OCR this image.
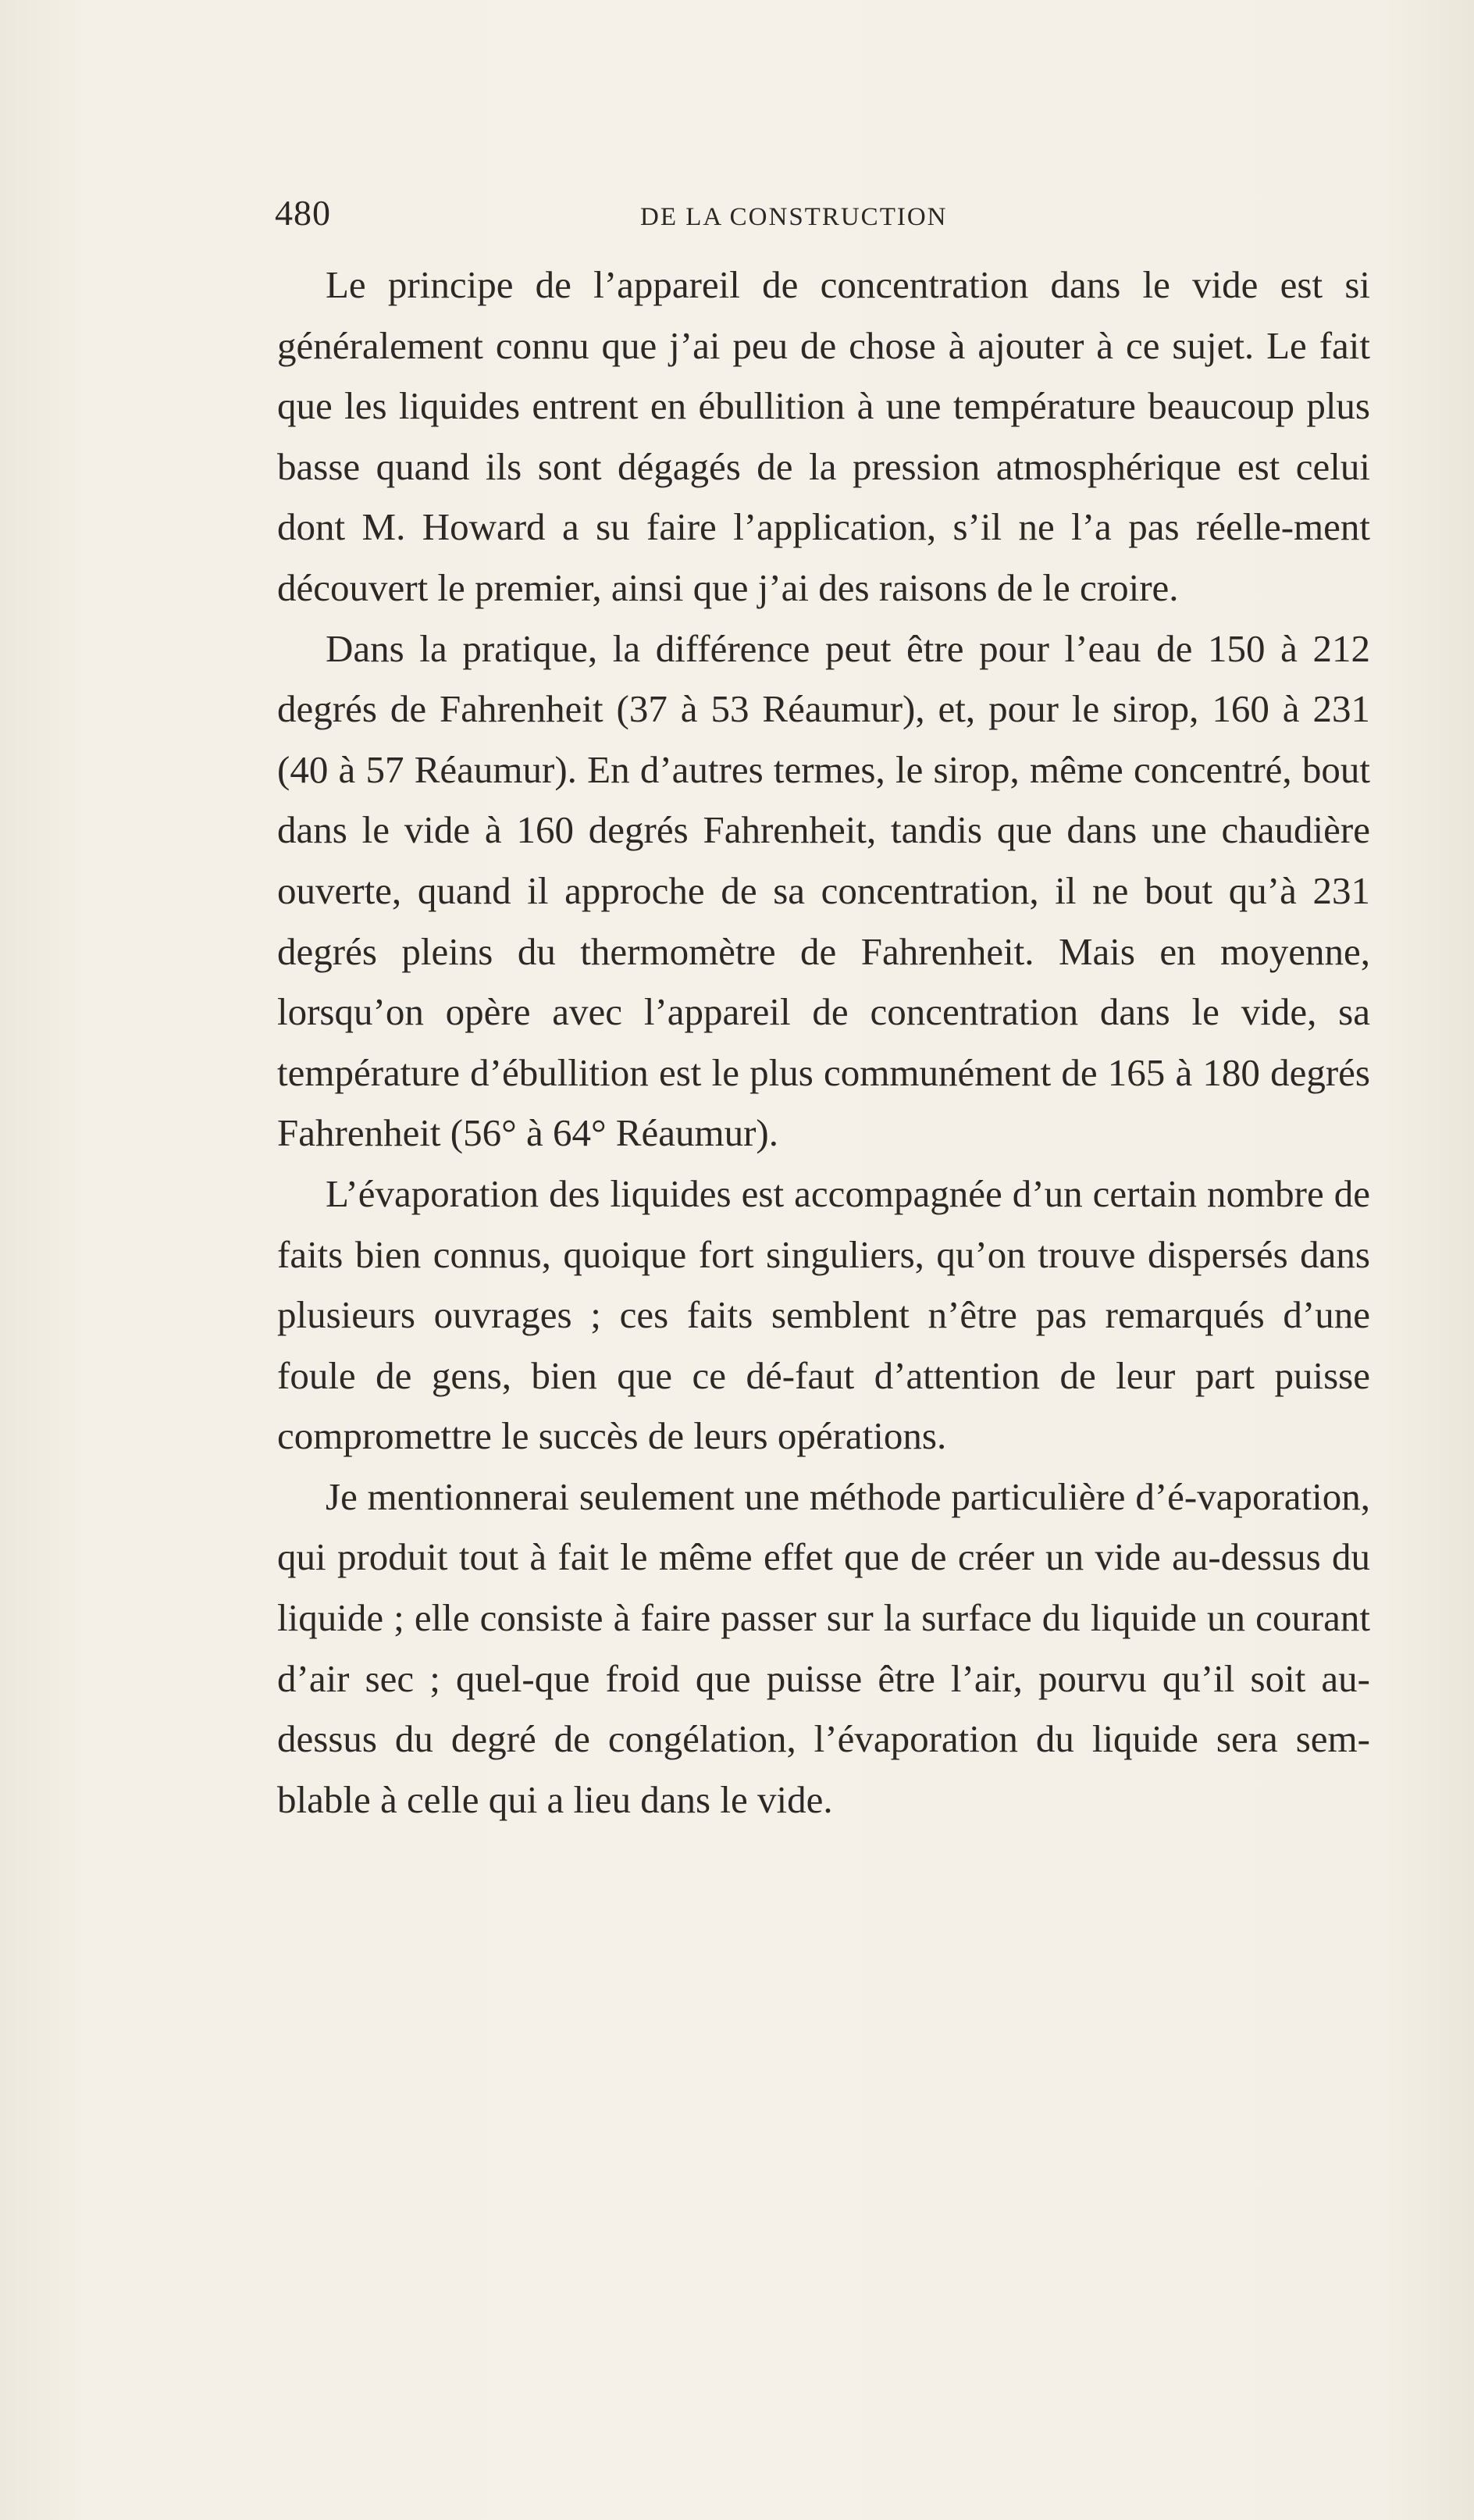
480	DE LA CONSTRUCTION

Le principe de l’appareil de concentration dans le vide est si généralement connu que j’ai peu de chose à ajouter à ce sujet. Le fait que les liquides entrent en ébullition à une température beaucoup plus basse quand ils sont dégagés de la pression atmosphérique est celui dont M. Howard a su faire l’application, s’il ne l’a pas réelle-ment découvert le premier, ainsi que j’ai des raisons de le croire.

Dans la pratique, la différence peut être pour l’eau de 150 à 212 degrés de Fahrenheit (37 à 53 Réaumur), et, pour le sirop, 160 à 231 (40 à 57 Réaumur). En d’autres termes, le sirop, même concentré, bout dans le vide à 160 degrés Fahrenheit, tandis que dans une chaudière ouverte, quand il approche de sa concentration, il ne bout qu’à 231 degrés pleins du thermomètre de Fahrenheit. Mais en moyenne, lorsqu’on opère avec l’appareil de concentration dans le vide, sa température d’ébullition est le plus communément de 165 à 180 degrés Fahrenheit (56° à 64° Réaumur).

L’évaporation des liquides est accompagnée d’un certain nombre de faits bien connus, quoique fort singuliers, qu’on trouve dispersés dans plusieurs ouvrages ; ces faits semblent n’être pas remarqués d’une foule de gens, bien que ce dé-faut d’attention de leur part puisse compromettre le succès de leurs opérations.

Je mentionnerai seulement une méthode particulière d’é-vaporation, qui produit tout à fait le même effet que de créer un vide au-dessus du liquide ; elle consiste à faire passer sur la surface du liquide un courant d’air sec ; quel-que froid que puisse être l’air, pourvu qu’il soit au-dessus du degré de congélation, l’évaporation du liquide sera sem-blable à celle qui a lieu dans le vide.
